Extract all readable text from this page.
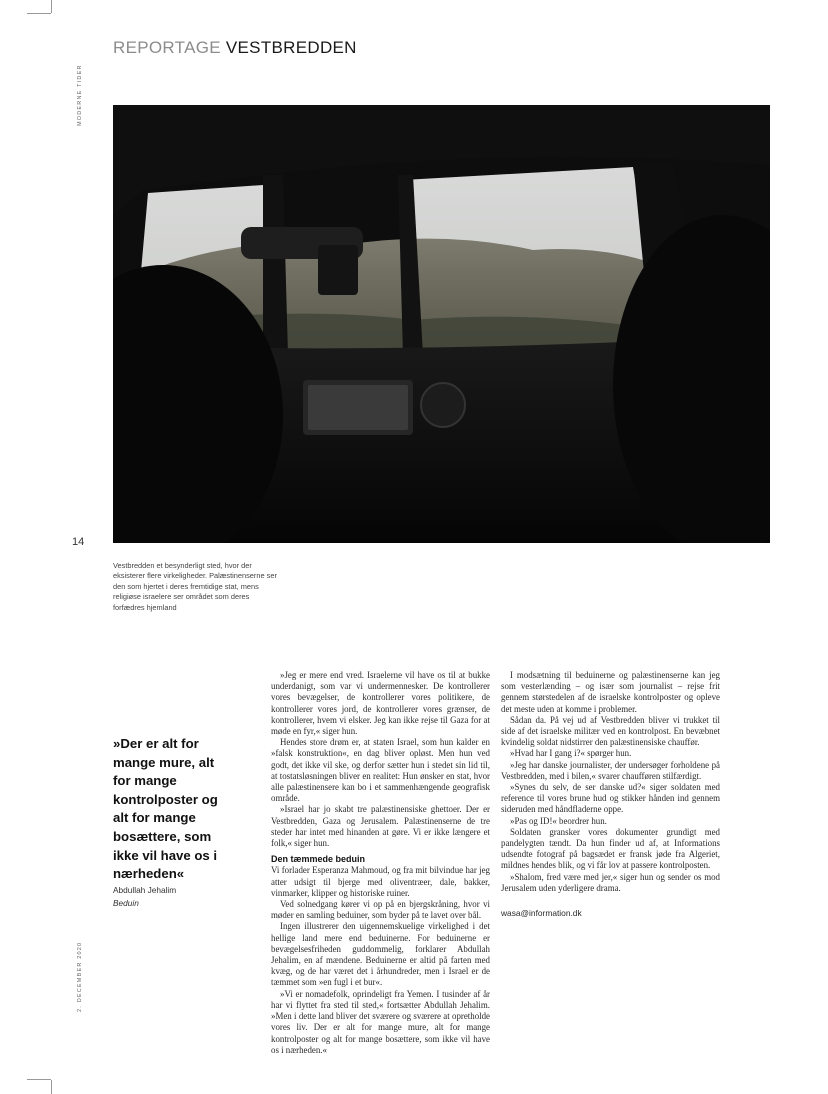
REPORTAGE VESTBREDDEN
MODERNE TIDER
2. DECEMBER 2020
14
Vestbredden et besynderligt sted, hvor der eksisterer flere virkeligheder. Palæstinenserne ser den som hjertet i deres fremtidige stat, mens religiøse israelere ser området som deres forfædres hjemland
»Der er alt for mange mure, alt for mange kontrolposter og alt for mange bosættere, som ikke vil have os i nærheden«
Abdullah Jehalim
Beduin

»Jeg er mere end vred. Israelerne vil have os til at bukke underdanigt, som var vi undermennesker. De kontrollerer vores bevægelser, de kontrollerer vores politikere, de kontrollerer vores jord, de kontrollerer vores grænser, de kontrollerer, hvem vi elsker. Jeg kan ikke rejse til Gaza for at møde en fyr,« siger hun.

Hendes store drøm er, at staten Israel, som hun kalder en »falsk konstruktion«, en dag bliver opløst. Men hun ved godt, det ikke vil ske, og derfor sætter hun i stedet sin lid til, at tostatsløsningen bliver en realitet: Hun ønsker en stat, hvor alle palæstinensere kan bo i et sammenhængende geografisk område.

»Israel har jo skabt tre palæstinensiske ghettoer. Der er Vestbredden, Gaza og Jerusalem. Palæstinenserne de tre steder har intet med hinanden at gøre. Vi er ikke længere et folk,« siger hun.

Den tæmmede beduin

Vi forlader Esperanza Mahmoud, og fra mit bilvindue har jeg atter udsigt til bjerge med oliventræer, dale, bakker, vinmarker, klipper og historiske ruiner.

Ved solnedgang kører vi op på en bjergskråning, hvor vi møder en samling beduiner, som byder på te lavet over bål.

Ingen illustrerer den uigennemskuelige virkelighed i det hellige land mere end beduinerne. For beduinerne er bevægelsesfriheden guddommelig, forklarer Abdullah Jehalim, en af mændene. Beduinerne er altid på farten med kvæg, og de har været det i århundreder, men i Israel er de tæmmet som »en fugl i et bur«.

»Vi er nomadefolk, oprindeligt fra Yemen. I tusinder af år har vi flyttet fra sted til sted,« fortsætter Abdullah Jehalim. »Men i dette land bliver det sværere og sværere at opretholde vores liv. Der er alt for mange mure, alt for mange kontrolposter og alt for mange bosættere, som ikke vil have os i nærheden.«

I modsætning til beduinerne og palæstinenserne kan jeg som vesterlænding – og især som journalist – rejse frit gennem størstedelen af de israelske kontrolposter og opleve det meste uden at komme i problemer.

Sådan da. På vej ud af Vestbredden bliver vi trukket til side af det israelske militær ved en kontrolpost. En bevæbnet kvindelig soldat nidstirrer den palæstinensiske chauffør.

»Hvad har I gang i?« spørger hun.

»Jeg har danske journalister, der undersøger forholdene på Vestbredden, med i bilen,« svarer chaufføren stilfærdigt.

»Synes du selv, de ser danske ud?« siger soldaten med reference til vores brune hud og stikker hånden ind gennem sideruden med håndfladerne oppe.

»Pas og ID!« beordrer hun.

Soldaten gransker vores dokumenter grundigt med pandelygten tændt. Da hun finder ud af, at Informations udsendte fotograf på bagsædet er fransk jøde fra Algeriet, mildnes hendes blik, og vi får lov at passere kontrolposten.

»Shalom, fred være med jer,« siger hun og sender os mod Jerusalem uden yderligere drama.

wasa@information.dk
